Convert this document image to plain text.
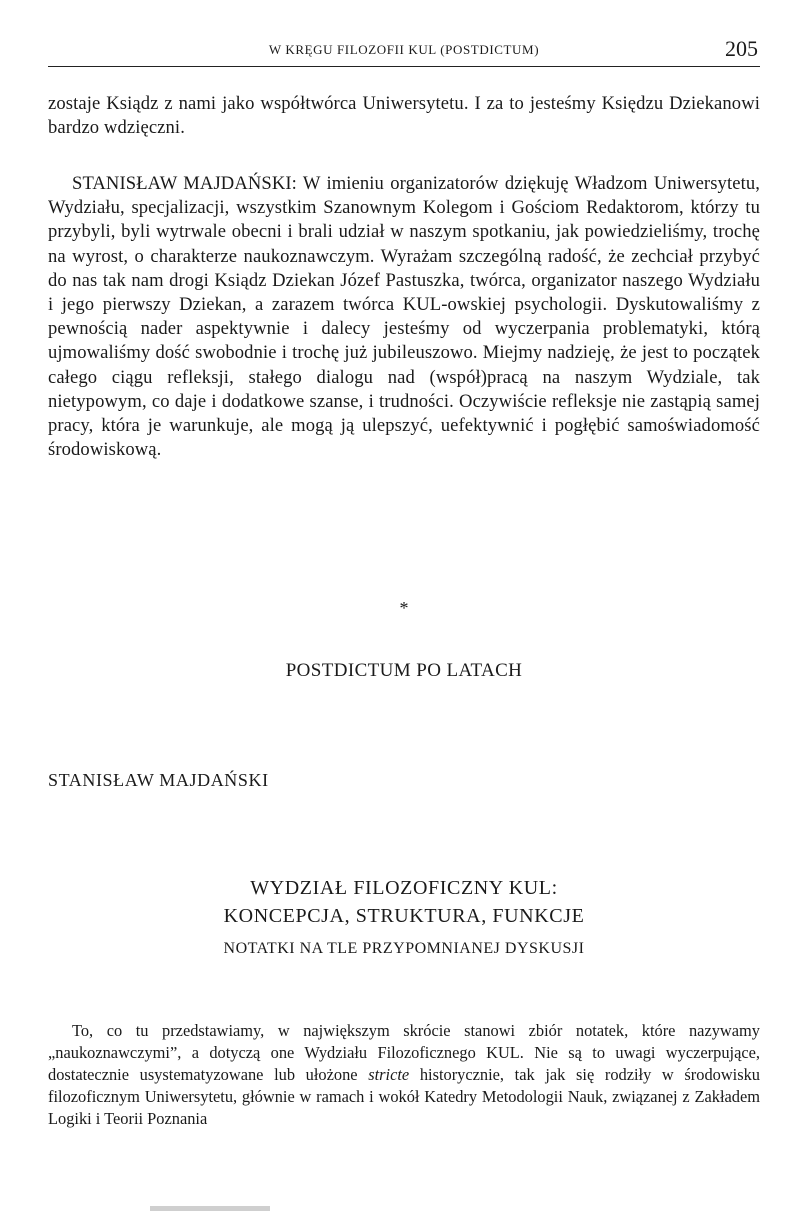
W KRĘGU FILOZOFII KUL (POSTDICTUM)	205

zostaje Ksiądz z nami jako współtwórca Uniwersytetu. I za to jesteśmy Księdzu Dziekanowi bardzo wdzięczni.

STANISŁAW MAJDAŃSKI: W imieniu organizatorów dziękuję Władzom Uniwersytetu, Wydziału, specjalizacji, wszystkim Szanownym Kolegom i Gościom Redaktorom, którzy tu przybyli, byli wytrwale obecni i brali udział w naszym spotkaniu, jak powiedzieliśmy, trochę na wyrost, o charakterze naukoznawczym. Wyrażam szczególną radość, że zechciał przybyć do nas tak nam drogi Ksiądz Dziekan Józef Pastuszka, twórca, organizator naszego Wydziału i jego pierwszy Dziekan, a zarazem twórca KUL-owskiej psychologii. Dyskutowaliśmy z pewnością nader aspektywnie i dalecy jesteśmy od wyczerpania problematyki, którą ujmowaliśmy dość swobodnie i trochę już jubileuszowo. Miejmy nadzieję, że jest to początek całego ciągu refleksji, stałego dialogu nad (współ)pracą na naszym Wydziale, tak nietypowym, co daje i dodatkowe szanse, i trudności. Oczywiście refleksje nie zastąpią samej pracy, która je warunkuje, ale mogą ją ulepszyć, uefektywnić i pogłębić samoświadomość środowiskową.

*

POSTDICTUM PO LATACH

STANISŁAW MAJDAŃSKI

WYDZIAŁ FILOZOFICZNY KUL:
KONCEPCJA, STRUKTURA, FUNKCJE

NOTATKI NA TLE PRZYPOMNIANEJ DYSKUSJI

To, co tu przedstawiamy, w największym skrócie stanowi zbiór notatek, które nazywamy „naukoznawczymi”, a dotyczą one Wydziału Filozoficznego KUL. Nie są to uwagi wyczerpujące, dostatecznie usystematyzowane lub ułożone stricte historycznie, tak jak się rodziły w środowisku filozoficznym Uniwersytetu, głównie w ramach i wokół Katedry Metodologii Nauk, związanej z Zakładem Logiki i Teorii Poznania
